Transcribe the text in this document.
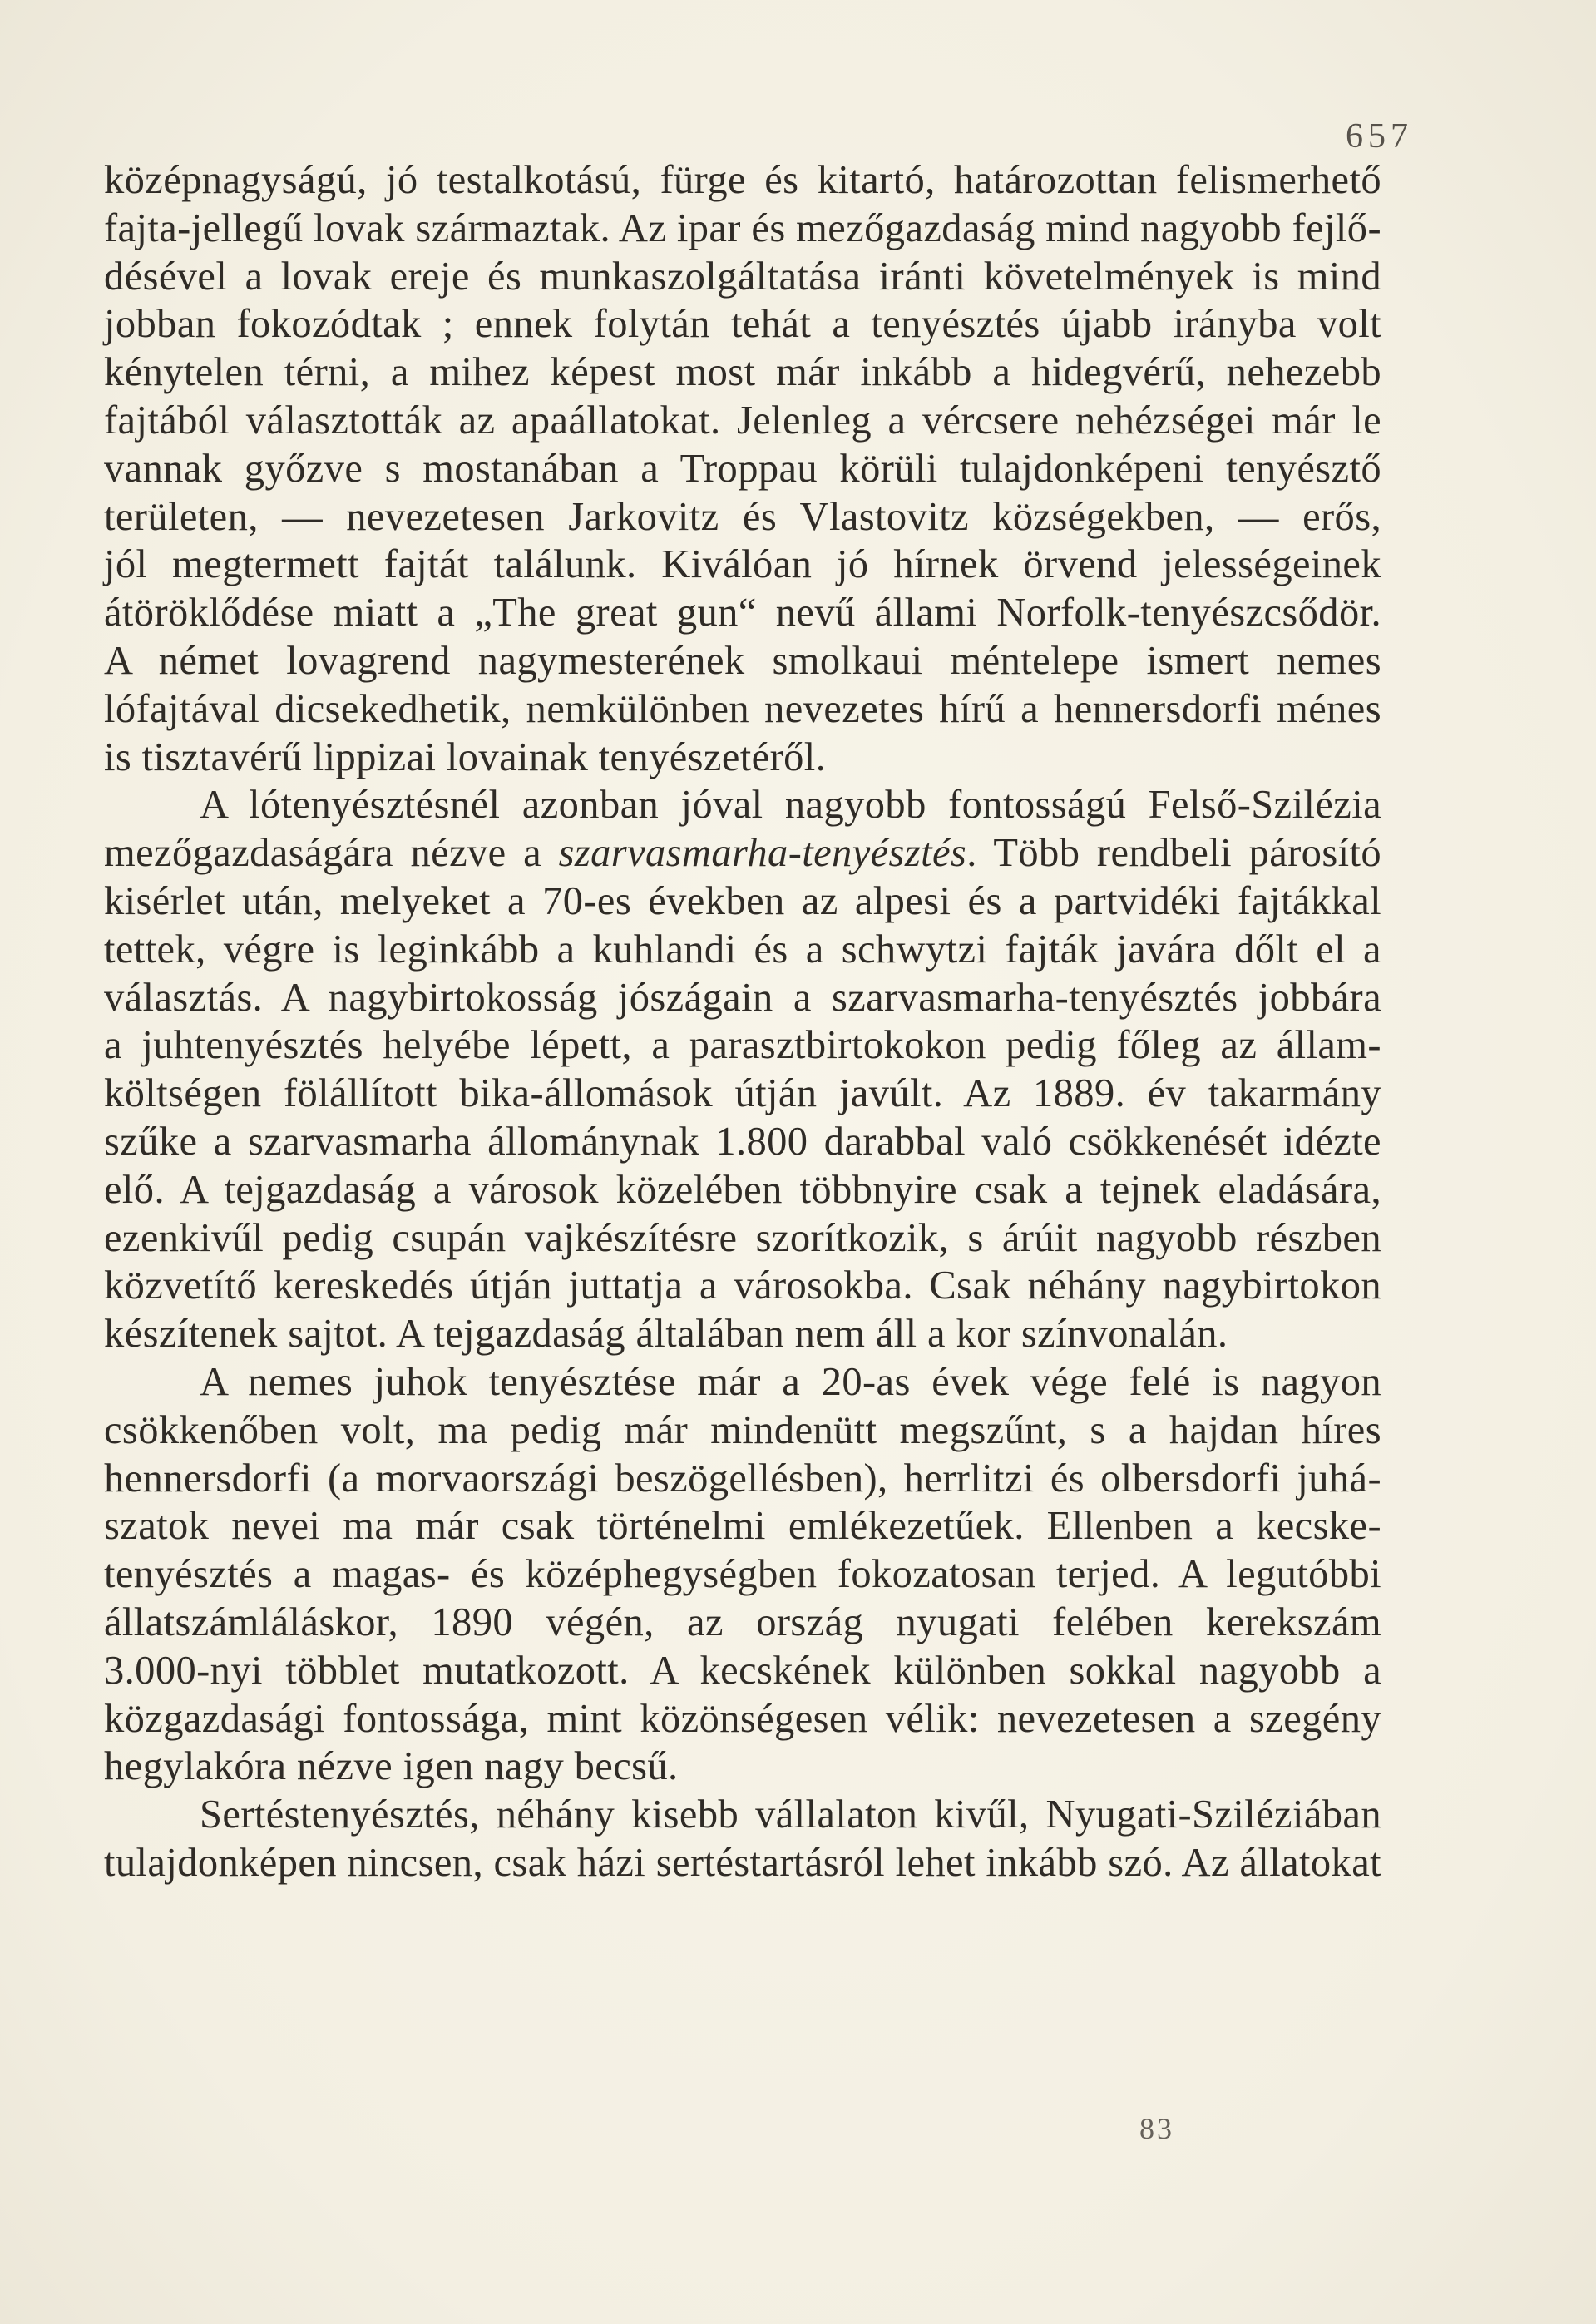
657
középnagyságú, jó testalkotású, fürge és kitartó, határozottan felismerhető
fajta-jellegű lovak származtak. Az ipar és mezőgazdaság mind nagyobb fejlő-
désével a lovak ereje és munkaszolgáltatása iránti követelmények is mind
jobban fokozódtak ; ennek folytán tehát a tenyésztés újabb irányba volt
kénytelen térni, a mihez képest most már inkább a hidegvérű, nehezebb
fajtából választották az apaállatokat. Jelenleg a vércsere nehézségei már le
vannak győzve s mostanában a Troppau körüli tulajdonképeni tenyésztő
területen, — nevezetesen Jarkovitz és Vlastovitz községekben, — erős,
jól megtermett fajtát találunk. Kiválóan jó hírnek örvend jelességeinek
átöröklődése miatt a „The great gun“ nevű állami Norfolk-tenyészcsődör.
A német lovagrend nagymesterének smolkaui méntelepe ismert nemes
lófajtával dicsekedhetik, nemkülönben nevezetes hírű a hennersdorfi ménes
is tisztavérű lippizai lovainak tenyészetéről.
A lótenyésztésnél azonban jóval nagyobb fontosságú Felső-Szilézia
mezőgazdaságára nézve a szarvasmarha-tenyésztés. Több rendbeli párosító
kisérlet után, melyeket a 70-es években az alpesi és a partvidéki fajtákkal
tettek, végre is leginkább a kuhlandi és a schwytzi fajták javára dőlt el a
választás. A nagybirtokosság jószágain a szarvasmarha-tenyésztés jobbára
a juhtenyésztés helyébe lépett, a parasztbirtokokon pedig főleg az állam-
költségen fölállított bika-állomások útján javúlt. Az 1889. év takarmány
szűke a szarvasmarha állománynak 1.800 darabbal való csökkenését idézte
elő. A tejgazdaság a városok közelében többnyire csak a tejnek eladására,
ezenkivűl pedig csupán vajkészítésre szorítkozik, s árúit nagyobb részben
közvetítő kereskedés útján juttatja a városokba. Csak néhány nagybirtokon
készítenek sajtot. A tejgazdaság általában nem áll a kor színvonalán.
A nemes juhok tenyésztése már a 20-as évek vége felé is nagyon
csökkenőben volt, ma pedig már mindenütt megszűnt, s a hajdan híres
hennersdorfi (a morvaországi beszögellésben), herrlitzi és olbersdorfi juhá-
szatok nevei ma már csak történelmi emlékezetűek. Ellenben a kecske-
tenyésztés a magas- és középhegységben fokozatosan terjed. A legutóbbi
állatszámláláskor, 1890 végén, az ország nyugati felében kerekszám
3.000-nyi többlet mutatkozott. A kecskének különben sokkal nagyobb a
közgazdasági fontossága, mint közönségesen vélik: nevezetesen a szegény
hegylakóra nézve igen nagy becsű.
Sertéstenyésztés, néhány kisebb vállalaton kivűl, Nyugati-Sziléziában
tulajdonképen nincsen, csak házi sertéstartásról lehet inkább szó. Az állatokat
83
